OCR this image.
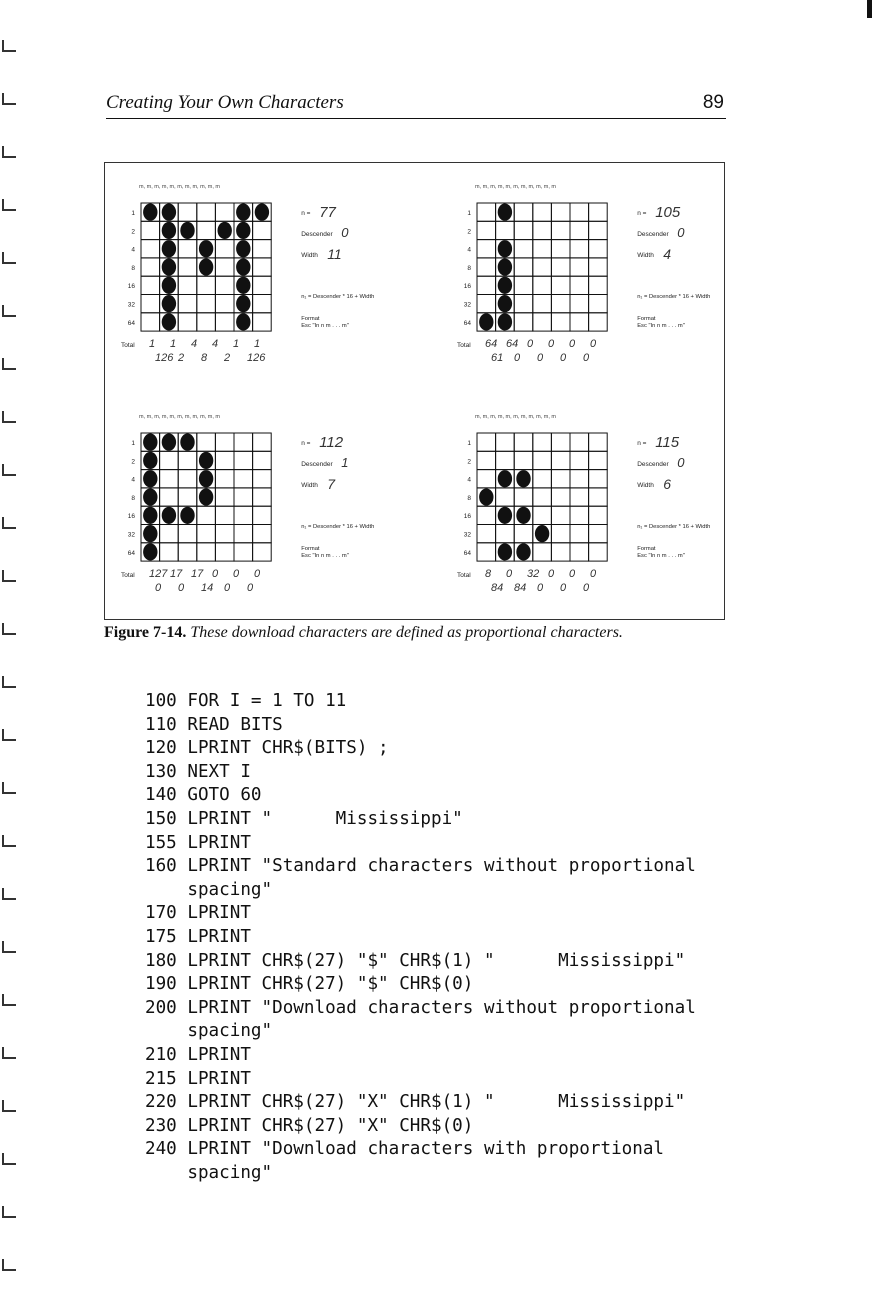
Creating Your Own Characters	89
m, m, m, m, m, m, m, m, m, m, m
1
2
4
8
16
32
64
Total 1 1 4 4 1 1
126 2 8 2 126
n = 77
Descender 0
Width 11
n₁ = Descender * 16 + Width
Format
Esc "In n m . . . m"
m, m, m, m, m, m, m, m, m, m, m
1
2
4
8
16
32
64
Total 64 64 0 0 0 0
61 0 0 0 0
n = 105
Descender 0
Width 4
n₁ = Descender * 16 + Width
Format
Esc "In n m . . . m"
m, m, m, m, m, m, m, m, m, m, m
1
2
4
8
16
32
64
Total 127 17 17 0 0 0
0 0 14 0 0
n = 112
Descender 1
Width 7
n₁ = Descender * 16 + Width
Format
Esc "In n m . . . m"
m, m, m, m, m, m, m, m, m, m, m
1
2
4
8
16
32
64
Total 8 0 32 0 0 0
84 84 0 0 0
n = 115
Descender 0
Width 6
n₁ = Descender * 16 + Width
Format
Esc "In n m . . . m"
Figure 7-14. These download characters are defined as proportional characters.
100 FOR I = 1 TO 11
110 READ BITS
120 LPRINT CHR$(BITS) ;
130 NEXT I
140 GOTO 60
150 LPRINT "      Mississippi"
155 LPRINT
160 LPRINT "Standard characters without proportional
spacing"
170 LPRINT
175 LPRINT
180 LPRINT CHR$(27) "$" CHR$(1) "      Mississippi"
190 LPRINT CHR$(27) "$" CHR$(0)
200 LPRINT "Download characters without proportional
spacing"
210 LPRINT
215 LPRINT
220 LPRINT CHR$(27) "X" CHR$(1) "      Mississippi"
230 LPRINT CHR$(27) "X" CHR$(0)
240 LPRINT "Download characters with proportional
spacing"
